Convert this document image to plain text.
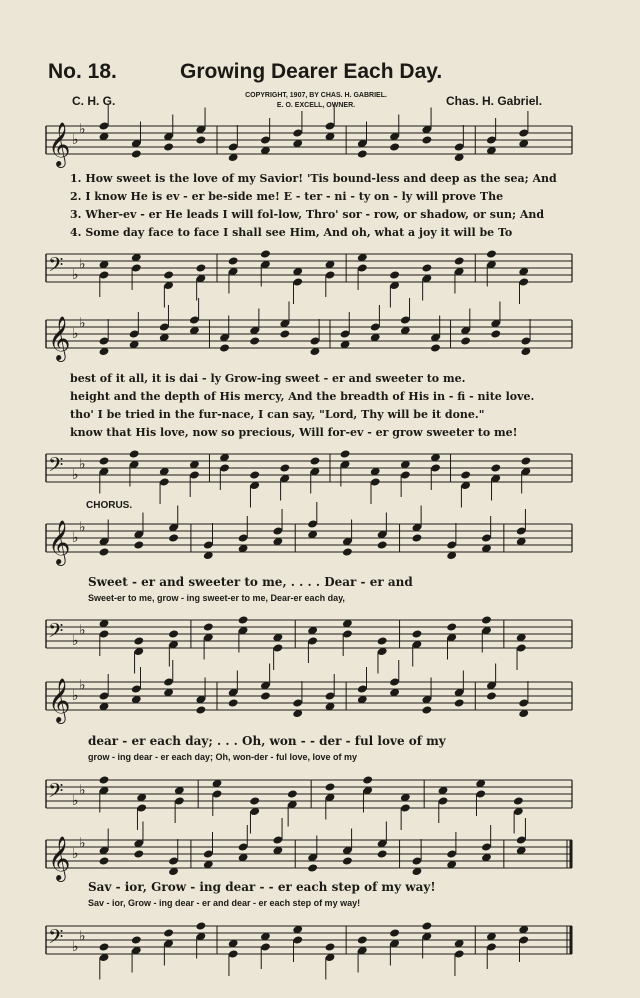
No. 18.	Growing Dearer Each Day.
C. H. G.	COPYRIGHT, 1907, BY CHAS. H. GABRIEL.
E. O. EXCELL, OWNER.	Chas. H. Gabriel.
𝄞 ♭
♭
1. How sweet is the love of my Savior! 'Tis bound-less and deep as the sea; And
2. I know He is ev - er be-side me! E - ter - ni - ty on - ly will prove The
3. Wher-ev - er He leads I will fol-low, Thro' sor - row, or shadow, or sun; And
4. Some day face to face I shall see Him, And oh, what a joy it will be To
𝄢 ♭
♭
𝄞 ♭
♭
best of it all, it is dai - ly Grow-ing sweet - er and sweeter to me.
height and the depth of His mercy, And the breadth of His in - fi - nite love.
tho' I be tried in the fur-nace, I can say, "Lord, Thy will be it done."
know that His love, now so precious, Will for-ev - er grow sweeter to me!
𝄢 ♭
♭
CHORUS.
𝄞 ♭
♭
Sweet - er and sweeter to me, . . . . Dear - er and
Sweet-er to me, grow - ing sweet-er to me, Dear-er each day,
𝄢 ♭
♭
𝄞 ♭
♭
dear - er each day; . . . Oh, won - - der - ful love of my
grow - ing dear - er each day; Oh, won-der - ful love, love of my
𝄢 ♭
♭
𝄞 ♭
♭
Sav - ior, Grow - ing dear - - er each step of my way!
Sav - ior, Grow - ing dear - er and dear - er each step of my way!
𝄢 ♭
♭
